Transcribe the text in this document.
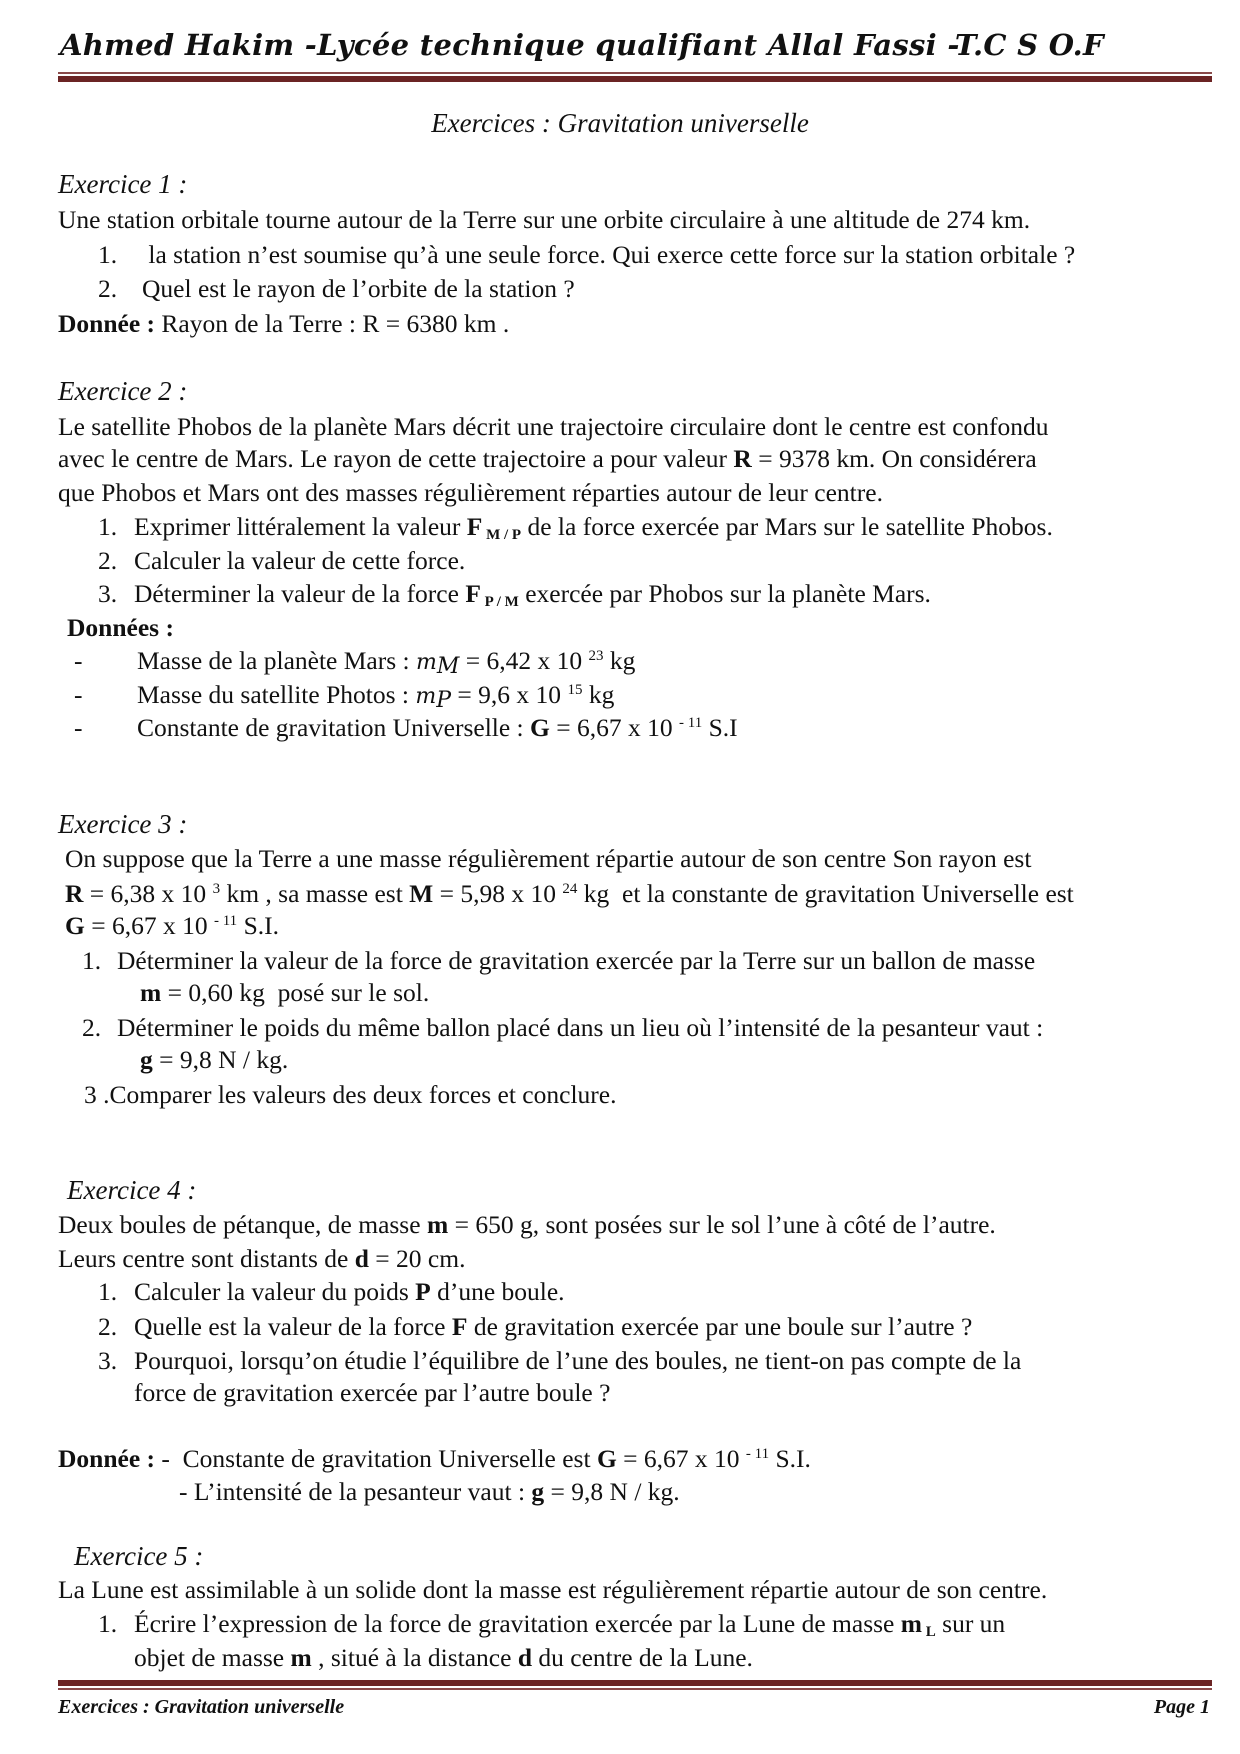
Ahmed Hakim -Lycée technique qualifiant Allal Fassi -T.C S O.F
Exercices : Gravitation universelle
Exercice 1 :
Une station orbitale tourne autour de la Terre sur une orbite circulaire à une altitude de 274 km.
1. la station n’est soumise qu’à une seule force. Qui exerce cette force sur la station orbitale ?
2. Quel est le rayon de l’orbite de la station ?
Donnée : Rayon de la Terre : R = 6380 km .
Exercice 2 :
Le satellite Phobos de la planète Mars décrit une trajectoire circulaire dont le centre est confondu
avec le centre de Mars. Le rayon de cette trajectoire a pour valeur R = 9378 km. On considérera
que Phobos et Mars ont des masses régulièrement réparties autour de leur centre.
1. Exprimer littéralement la valeur F $_{M / P}$ de la force exercée par Mars sur le satellite Phobos.
2. Calculer la valeur de cette force.
3. Déterminer la valeur de la force F $_{P / M}$ exercée par Phobos sur la planète Mars.
Données :
- Masse de la planète Mars : $m_M = 6,42$ x 10 $^{23}$ kg
- Masse du satellite Photos : $m_P = 9,6$ x 10 $^{15}$ kg
- Constante de gravitation Universelle : G = 6,67 x 10 $^{- 11}$ S.I
Exercice 3 :
On suppose que la Terre a une masse régulièrement répartie autour de son centre Son rayon est
R = 6,38 x 10 $^3$ km , sa masse est M = 5,98 x 10 $^{24}$ kg  et la constante de gravitation Universelle est
G = 6,67 x 10 $^{- 11}$ S.I.
1. Déterminer la valeur de la force de gravitation exercée par la Terre sur un ballon de masse
m = 0,60 kg  posé sur le sol.
2. Déterminer le poids du même ballon placé dans un lieu où l’intensité de la pesanteur vaut :
g = 9,8 N / kg.
3 .Comparer les valeurs des deux forces et conclure.
Exercice 4 :
Deux boules de pétanque, de masse m = 650 g, sont posées sur le sol l’une à côté de l’autre.
Leurs centre sont distants de d = 20 cm.
1. Calculer la valeur du poids P d’une boule.
2. Quelle est la valeur de la force F de gravitation exercée par une boule sur l’autre ?
3. Pourquoi, lorsqu’on étudie l’équilibre de l’une des boules, ne tient-on pas compte de la
force de gravitation exercée par l’autre boule ?
Donnée : -  Constante de gravitation Universelle est G = 6,67 x 10 $^{- 11}$ S.I.
- L’intensité de la pesanteur vaut : g = 9,8 N / kg.
Exercice 5 :
La Lune est assimilable à un solide dont la masse est régulièrement répartie autour de son centre.
1. Écrire l’expression de la force de gravitation exercée par la Lune de masse m $_L$ sur un
objet de masse m , situé à la distance d du centre de la Lune.
Exercices : Gravitation universelle	Page 1
